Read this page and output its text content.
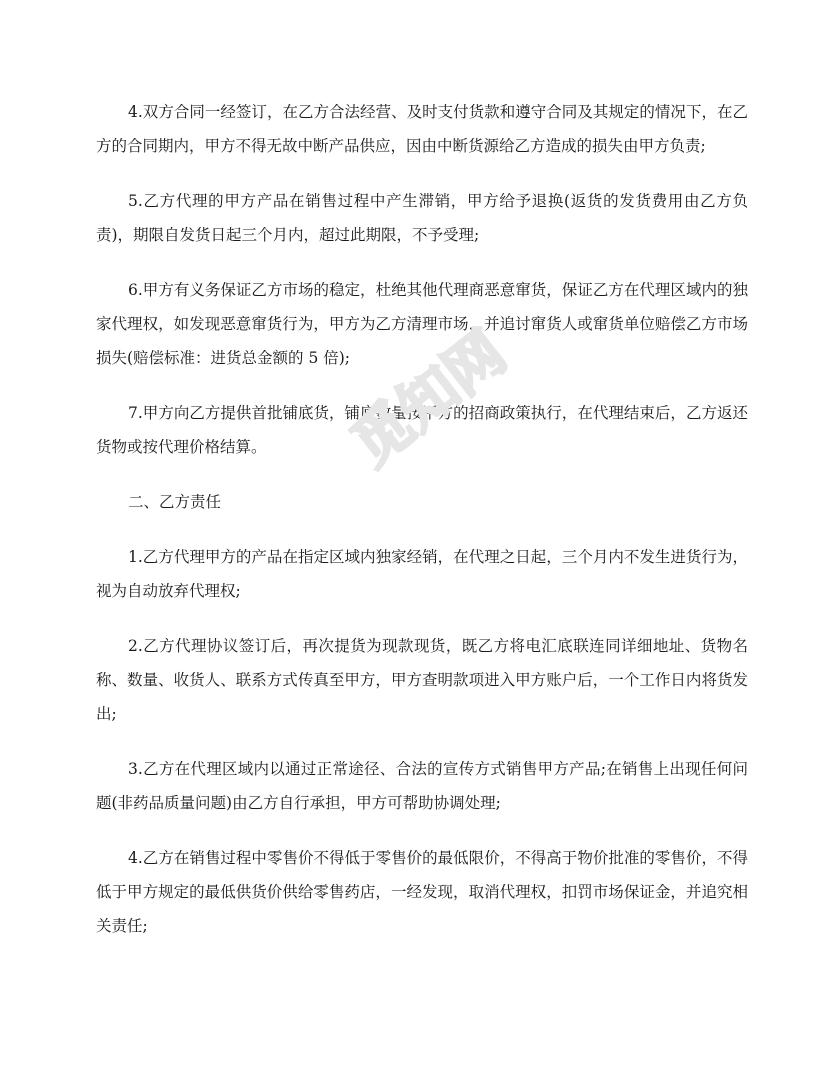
4.双方合同一经签订，在乙方合法经营、及时支付货款和遵守合同及其规定的情况下，在乙方的合同期内，甲方不得无故中断产品供应，因由中断货源给乙方造成的损失由甲方负责;

5.乙方代理的甲方产品在销售过程中产生滞销，甲方给予退换(返货的发货费用由乙方负责)，期限自发货日起三个月内，超过此期限，不予受理;

6.甲方有义务保证乙方市场的稳定，杜绝其他代理商恶意窜货，保证乙方在代理区域内的独家代理权，如发现恶意窜货行为，甲方为乙方清理市场，并追讨窜货人或窜货单位赔偿乙方市场损失(赔偿标准：进货总金额的 5 倍);

7.甲方向乙方提供首批铺底货，铺底数量按甲方的招商政策执行，在代理结束后，乙方返还货物或按代理价格结算。

二、乙方责任

1.乙方代理甲方的产品在指定区域内独家经销，在代理之日起，三个月内不发生进货行为，视为自动放弃代理权;

2.乙方代理协议签订后，再次提货为现款现货，既乙方将电汇底联连同详细地址、货物名称、数量、收货人、联系方式传真至甲方，甲方查明款项进入甲方账户后，一个工作日内将货发出;

3.乙方在代理区域内以通过正常途径、合法的宣传方式销售甲方产品;在销售上出现任何问题(非药品质量问题)由乙方自行承担，甲方可帮助协调处理;

4.乙方在销售过程中零售价不得低于零售价的最低限价，不得高于物价批准的零售价，不得低于甲方规定的最低供货价供给零售药店，一经发现，取消代理权，扣罚市场保证金，并追究相关责任;

觅知网
